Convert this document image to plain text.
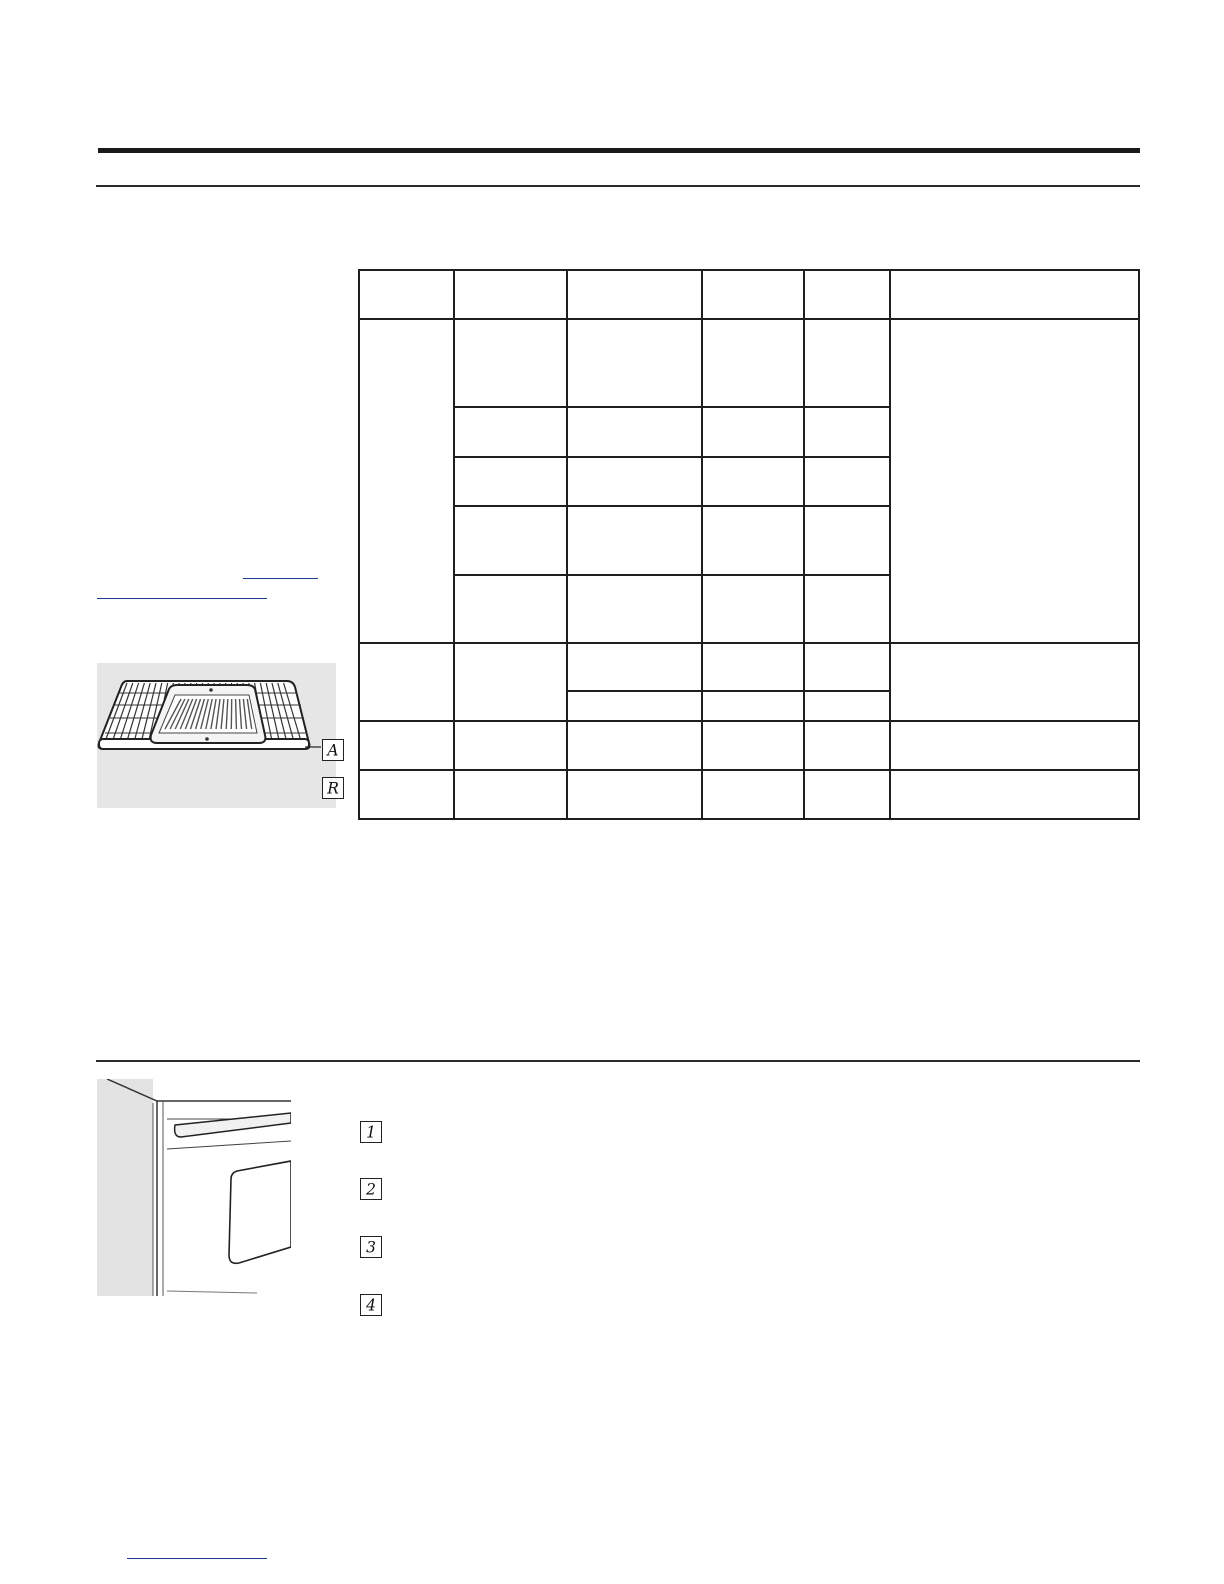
A
R
1
2
3
4
